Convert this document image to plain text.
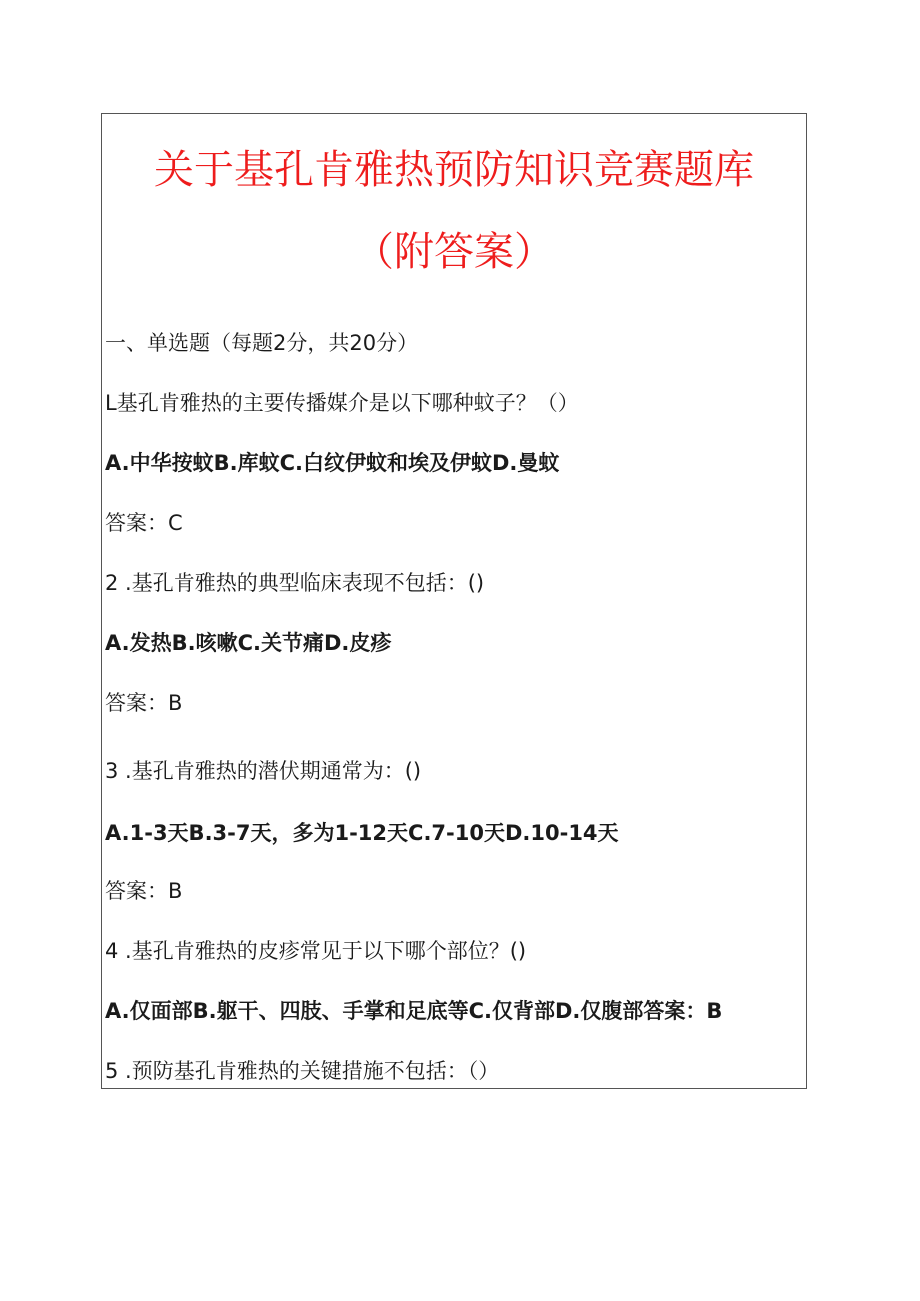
关于基孔肯雅热预防知识竞赛题库
（附答案）
一、单选题（每题2分，共20分）
L基孔肯雅热的主要传播媒介是以下哪种蚊子？（）
A.中华按蚊B.库蚊C.白纹伊蚊和埃及伊蚊D.曼蚊
答案：C
2 .基孔肯雅热的典型临床表现不包括：()
A.发热B.咳嗽C.关节痛D.皮疹
答案：B
3 .基孔肯雅热的潜伏期通常为：()
A.1-3天B.3-7天，多为1-12天C.7-10天D.10-14天
答案：B
4 .基孔肯雅热的皮疹常见于以下哪个部位？()
A.仅面部B.躯干、四肢、手掌和足底等C.仅背部D.仅腹部答案：B
5 .预防基孔肯雅热的关键措施不包括：（）
